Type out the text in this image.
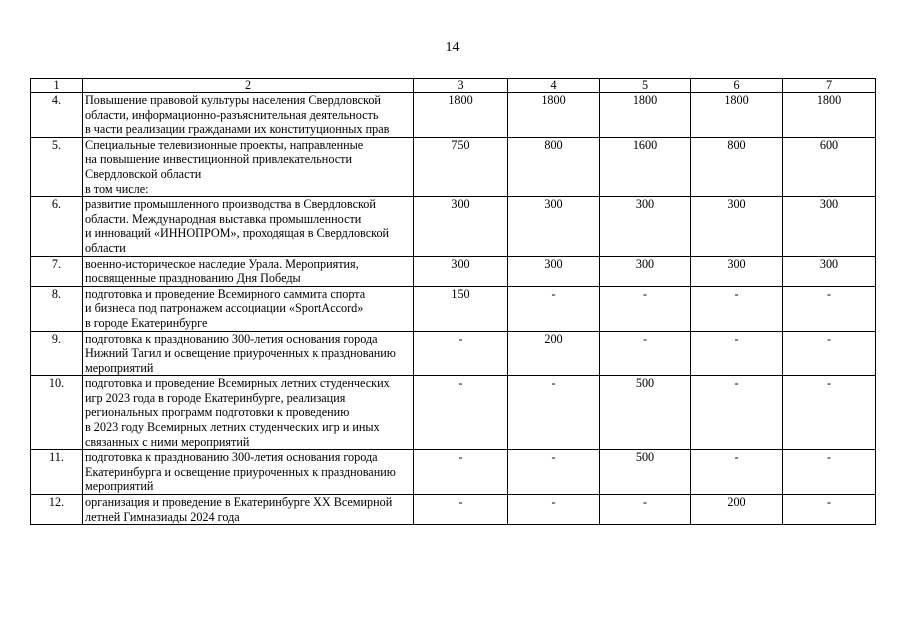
14
1	2	3	4	5	6	7
4.	Повышение правовой культуры населения Свердловской
области, информационно-разъяснительная деятельность
в части реализации гражданами их конституционных прав	1800	1800	1800	1800	1800
5.	Специальные телевизионные проекты, направленные
на повышение инвестиционной привлекательности
Свердловской области
в том числе:	750	800	1600	800	600
6.	развитие промышленного производства в Свердловской
области. Международная выставка промышленности
и инноваций «ИННОПРОМ», проходящая в Свердловской
области	300	300	300	300	300
7.	военно-историческое наследие Урала. Мероприятия,
посвященные празднованию Дня Победы	300	300	300	300	300
8.	подготовка и проведение Всемирного саммита спорта
и бизнеса под патронажем ассоциации «SportAccord»
в городе Екатеринбурге	150	-	-	-	-
9.	подготовка к празднованию 300-летия основания города
Нижний Тагил и освещение приуроченных к празднованию
мероприятий	-	200	-	-	-
10.	подготовка и проведение Всемирных летних студенческих
игр 2023 года в городе Екатеринбурге, реализация
региональных программ подготовки к проведению
в 2023 году Всемирных летних студенческих игр и иных
связанных с ними мероприятий	-	-	500	-	-
11.	подготовка к празднованию 300-летия основания города
Екатеринбурга и освещение приуроченных к празднованию
мероприятий	-	-	500	-	-
12.	организация и проведение в Екатеринбурге XX Всемирной
летней Гимназиады 2024 года	-	-	-	200	-
